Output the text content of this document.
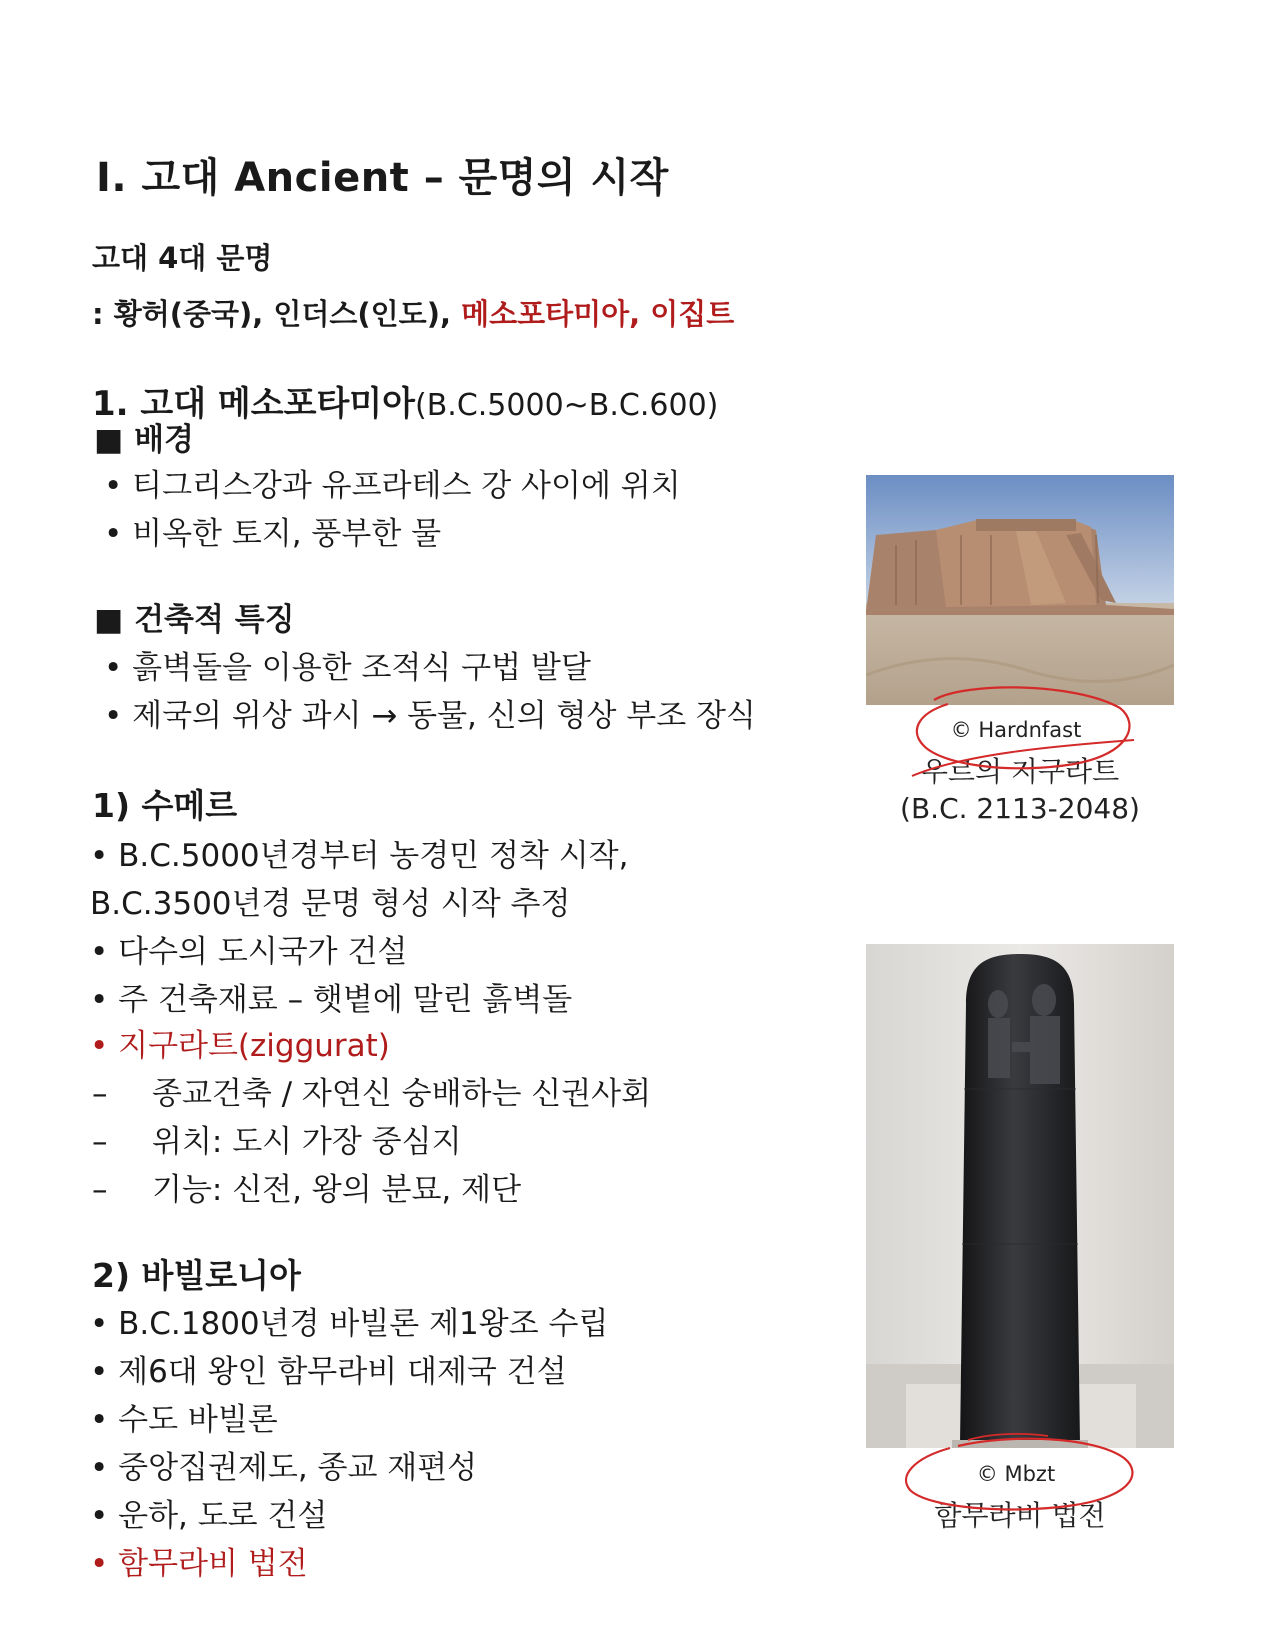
Ⅰ. 고대 Ancient – 문명의 시작
고대 4대 문명
: 황허(중국), 인더스(인도), 메소포타미아, 이집트
1. 고대 메소포타미아(B.C.5000~B.C.600)
■ 배경
• 티그리스강과 유프라테스 강 사이에 위치
• 비옥한 토지, 풍부한 물
■ 건축적 특징
• 흙벽돌을 이용한 조적식 구법 발달
• 제국의 위상 과시 → 동물, 신의 형상 부조 장식
1) 수메르
• B.C.5000년경부터 농경민 정착 시작,
B.C.3500년경 문명 형성 시작 추정
• 다수의 도시국가 건설
• 주 건축재료 – 햇볕에 말린 흙벽돌
• 지구라트(ziggurat)
– 종교건축 / 자연신 숭배하는 신권사회
– 위치: 도시 가장 중심지
– 기능: 신전, 왕의 분묘, 제단
2) 바빌로니아
• B.C.1800년경 바빌론 제1왕조 수립
• 제6대 왕인 함무라비 대제국 건설
• 수도 바빌론
• 중앙집권제도, 종교 재편성
• 운하, 도로 건설
• 함무라비 법전
© Hardnfast
우르의 지구라트
(B.C. 2113-2048)
© Mbzt
함무라비 법전
